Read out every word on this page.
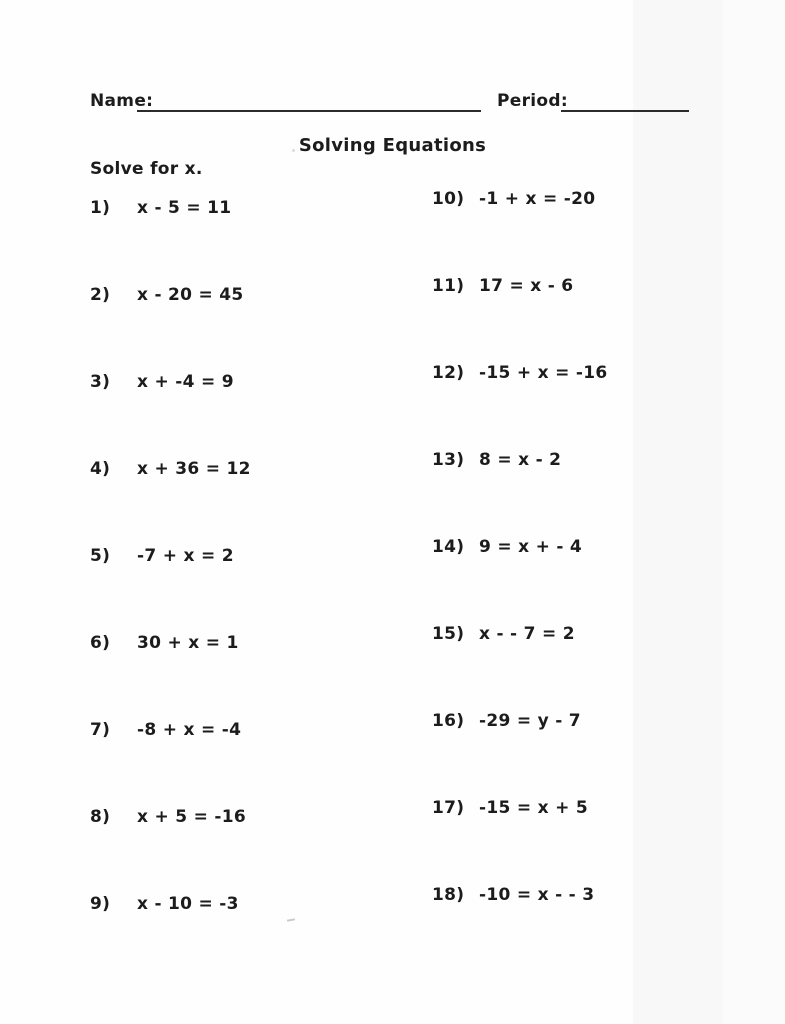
Name:	Period:
Solving Equations
Solve for x.
1)	x - 5 = 11
2)	x - 20 = 45
3)	x + -4 = 9
4)	x + 36 = 12
5)	-7 + x = 2
6)	30 + x = 1
7)	-8 + x = -4
8)	x + 5 = -16
9)	x - 10 = -3
10) -1 + x = -20
11) 17 = x - 6
12) -15 + x = -16
13) 8 = x - 2
14) 9 = x + - 4
15) x - - 7 = 2
16) -29 = y - 7
17) -15 = x + 5
18) -10 = x - - 3
